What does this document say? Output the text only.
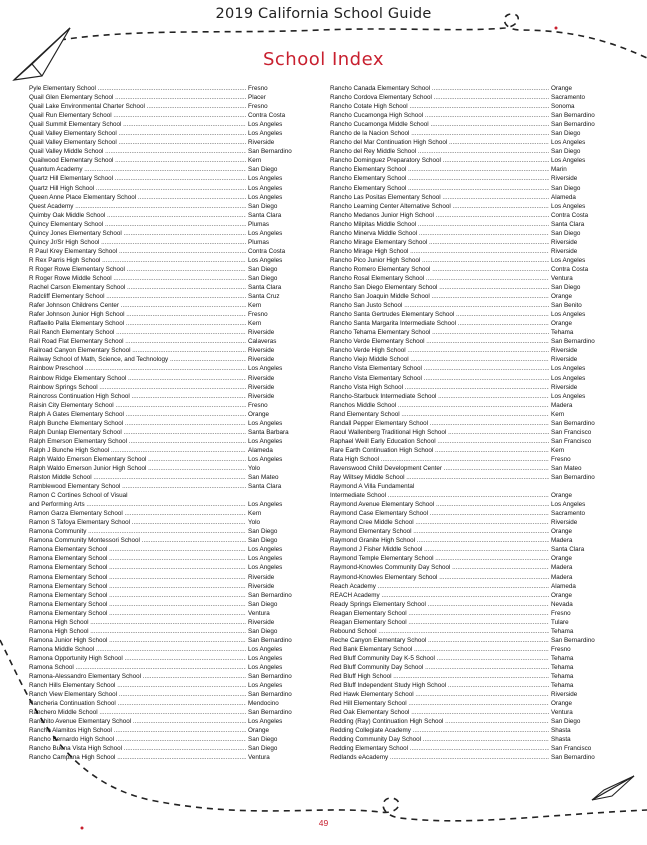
2019 California School Guide
School Index
Pyle Elementary School .....	Fresno
Quail Glen Elementary School .....	Placer
Quail Lake Environmental Charter School .....	Fresno
Quail Run Elementary School .....	Contra Costa
Quail Summit Elementary School .....	Los Angeles
Quail Valley Elementary School .....	Los Angeles
Quail Valley Elementary School .....	Riverside
Quail Valley Middle School .....	San Bernardino
Quailwood Elementary School .....	Kern
Quantum Academy .....	San Diego
Quartz Hill Elementary School .....	Los Angeles
Quartz Hill High School .....	Los Angeles
Queen Anne Place Elementary School .....	Los Angeles
Quest Academy .....	San Diego
Quimby Oak Middle School .....	Santa Clara
Quincy Elementary School .....	Plumas
Quincy Jones Elementary School .....	Los Angeles
Quincy Jr/Sr High School .....	Plumas
R Paul Krey Elementary School .....	Contra Costa
R Rex Parris High School .....	Los Angeles
R Roger Rowe Elementary School .....	San Diego
R Roger Rowe Middle School .....	San Diego
Rachel Carson Elementary School .....	Santa Clara
Radcliff Elementary School .....	Santa Cruz
Rafer Johnson Childrens Center .....	Kern
Rafer Johnson Junior High School .....	Fresno
Raffaello Palla Elementary School .....	Kern
Rail Ranch Elementary School .....	Riverside
Rail Road Flat Elementary School .....	Calaveras
Railroad Canyon Elementary School .....	Riverside
Railway School of Math, Science, and Technology .....	Riverside
Rainbow Preschool .....	Los Angeles
Rainbow Ridge Elementary School .....	Riverside
Rainbow Springs School .....	Riverside
Raincross Continuation High School .....	Riverside
Raisin City Elementary School .....	Fresno
Ralph A Gates Elementary School .....	Orange
Ralph Bunche Elementary School .....	Los Angeles
Ralph Dunlap Elementary School .....	Santa Barbara
Ralph Emerson Elementary School .....	Los Angeles
Ralph J Bunche High School .....	Alameda
Ralph Waldo Emerson Elementary School .....	Los Angeles
Ralph Waldo Emerson Junior High School .....	Yolo
Ralston Middle School .....	San Mateo
Ramblewood Elementary School .....	Santa Clara
Ramon C Cortines School of Visual
and Performing Arts .....	Los Angeles
Ramon Garza Elementary School .....	Kern
Ramon S Tafoya Elementary School .....	Yolo
Ramona Community .....	San Diego
Ramona Community Montessori School .....	San Diego
Ramona Elementary School .....	Los Angeles
Ramona Elementary School .....	Los Angeles
Ramona Elementary School .....	Los Angeles
Ramona Elementary School .....	Riverside
Ramona Elementary School .....	Riverside
Ramona Elementary School .....	San Bernardino
Ramona Elementary School .....	San Diego
Ramona Elementary School .....	Ventura
Ramona High School .....	Riverside
Ramona High School .....	San Diego
Ramona Junior High School .....	San Bernardino
Ramona Middle School .....	Los Angeles
Ramona Opportunity High School .....	Los Angeles
Ramona School .....	Los Angeles
Ramona-Alessandro Elementary School .....	San Bernardino
Ranch Hills Elementary School .....	Los Angeles
Ranch View Elementary School .....	San Bernardino
Rancheria Continuation School .....	Mendocino
Ranchero Middle School .....	San Bernardino
Ranchito Avenue Elementary School .....	Los Angeles
Rancho Alamitos High School .....	Orange
Rancho Bernardo High School .....	San Diego
Rancho Buena Vista High School .....	San Diego
Rancho Campana High School .....	Ventura
Rancho Canada Elementary School .....	Orange
Rancho Cordova Elementary School .....	Sacramento
Rancho Cotate High School .....	Sonoma
Rancho Cucamonga High School .....	San Bernardino
Rancho Cucamonga Middle School .....	San Bernardino
Rancho de la Nacion School .....	San Diego
Rancho del Mar Continuation High School .....	Los Angeles
Rancho del Rey Middle School .....	San Diego
Rancho Dominguez Preparatory School .....	Los Angeles
Rancho Elementary School .....	Marin
Rancho Elementary School .....	Riverside
Rancho Elementary School .....	San Diego
Rancho Las Positas Elementary School .....	Alameda
Rancho Learning Center Alternative School .....	Los Angeles
Rancho Medanos Junior High School .....	Contra Costa
Rancho Milpitas Middle School .....	Santa Clara
Rancho Minerva Middle School .....	San Diego
Rancho Mirage Elementary School .....	Riverside
Rancho Mirage High School .....	Riverside
Rancho Pico Junior High School .....	Los Angeles
Rancho Romero Elementary School .....	Contra Costa
Rancho Rosal Elementary School .....	Ventura
Rancho San Diego Elementary School .....	San Diego
Rancho San Joaquin Middle School .....	Orange
Rancho San Justo School .....	San Benito
Rancho Santa Gertrudes Elementary School .....	Los Angeles
Rancho Santa Margarita Intermediate School .....	Orange
Rancho Tehama Elementary School .....	Tehama
Rancho Verde Elementary School .....	San Bernardino
Rancho Verde High School .....	Riverside
Rancho Viejo Middle School .....	Riverside
Rancho Vista Elementary School .....	Los Angeles
Rancho Vista Elementary School .....	Los Angeles
Rancho Vista High School .....	Riverside
Rancho-Starbuck Intermediate School .....	Los Angeles
Ranchos Middle School .....	Madera
Rand Elementary School .....	Kern
Randall Pepper Elementary School .....	San Bernardino
Raoul Wallenberg Traditional High School .....	San Francisco
Raphael Weill Early Education School .....	San Francisco
Rare Earth Continuation High School .....	Kern
Rata High School .....	Fresno
Ravenswood Child Development Center .....	San Mateo
Ray Wiltsey Middle School .....	San Bernardino
Raymond A Villa Fundamental
Intermediate School .....	Orange
Raymond Avenue Elementary School .....	Los Angeles
Raymond Case Elementary School .....	Sacramento
Raymond Cree Middle School .....	Riverside
Raymond Elementary School .....	Orange
Raymond Granite High School .....	Madera
Raymond J Fisher Middle School .....	Santa Clara
Raymond Temple Elementary School .....	Orange
Raymond-Knowles Community Day School .....	Madera
Raymond-Knowles Elementary School .....	Madera
Reach Academy .....	Alameda
REACH Academy .....	Orange
Ready Springs Elementary School .....	Nevada
Reagan Elementary School .....	Fresno
Reagan Elementary School .....	Tulare
Rebound School .....	Tehama
Reche Canyon Elementary School .....	San Bernardino
Red Bank Elementary School .....	Fresno
Red Bluff Community Day K-5 School .....	Tehama
Red Bluff Community Day School .....	Tehama
Red Bluff High School .....	Tehama
Red Bluff Independent Study High School .....	Tehama
Red Hawk Elementary School .....	Riverside
Red Hill Elementary School .....	Orange
Red Oak Elementary School .....	Ventura
Redding (Ray) Continuation High School .....	San Diego
Redding Collegiate Academy .....	Shasta
Redding Community Day School .....	Shasta
Redding Elementary School .....	San Francisco
Redlands eAcademy .....	San Bernardino
49
